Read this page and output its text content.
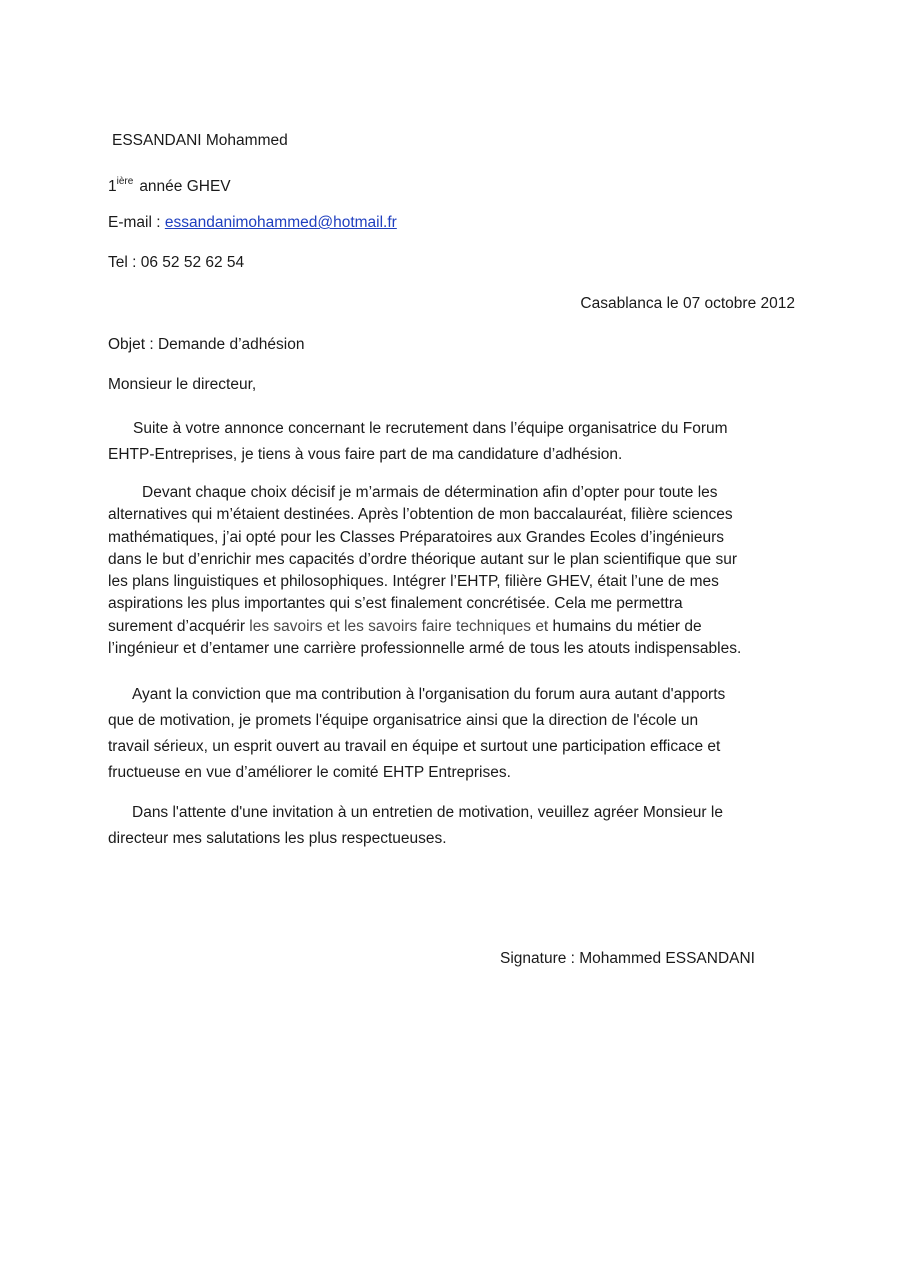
ESSANDANI Mohammed
$1^{ière}$ année GHEV
E-mail : essandanimohammed@hotmail.fr
Tel : 06 52 52 62 54
Casablanca le 07 octobre 2012
Objet : Demande d’adhésion
Monsieur le directeur,
Suite à votre annonce concernant le recrutement dans l’équipe organisatrice du Forum
EHTP-Entreprises, je tiens à vous faire part de ma candidature d’adhésion.
Devant chaque choix décisif je m’armais de détermination afin d’opter pour toute les
alternatives qui m’étaient destinées. Après l’obtention de mon baccalauréat, filière sciences
mathématiques, j’ai opté pour les Classes Préparatoires aux Grandes Ecoles d’ingénieurs
dans le but d’enrichir mes capacités d’ordre théorique autant sur le plan scientifique que sur
les plans linguistiques et philosophiques. Intégrer l’EHTP, filière GHEV, était l’une de mes
aspirations les plus importantes qui s’est finalement concrétisée. Cela me permettra
surement d’acquérir les savoirs et les savoirs faire techniques et humains du métier de
l’ingénieur et d’entamer une carrière professionnelle armé de tous les atouts indispensables.
Ayant la conviction que ma contribution à l'organisation du forum aura autant d'apports
que de motivation, je promets l'équipe organisatrice ainsi que la direction de l'école un
travail sérieux, un esprit ouvert au travail en équipe et surtout une participation efficace et
fructueuse en vue d’améliorer le comité EHTP Entreprises.
Dans l'attente d'une invitation à un entretien de motivation, veuillez agréer Monsieur le
directeur mes salutations les plus respectueuses.
Signature : Mohammed ESSANDANI
